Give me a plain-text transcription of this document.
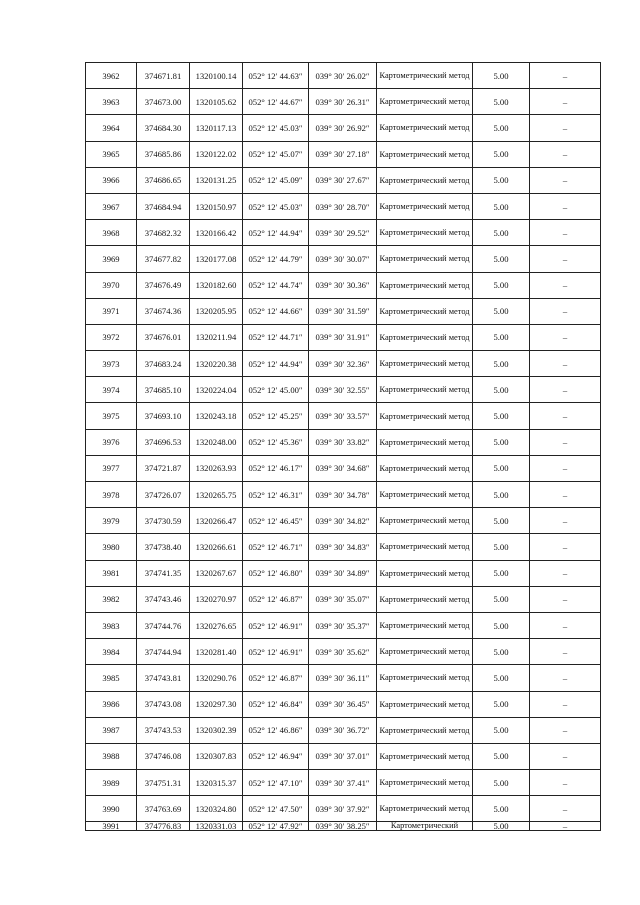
3962	374671.81	1320100.14	052° 12′ 44.63″	039° 30′ 26.02″	Картометрический метод	5.00	–
3963	374673.00	1320105.62	052° 12′ 44.67″	039° 30′ 26.31″	Картометрический метод	5.00	–
3964	374684.30	1320117.13	052° 12′ 45.03″	039° 30′ 26.92″	Картометрический метод	5.00	–
3965	374685.86	1320122.02	052° 12′ 45.07″	039° 30′ 27.18″	Картометрический метод	5.00	–
3966	374686.65	1320131.25	052° 12′ 45.09″	039° 30′ 27.67″	Картометрический метод	5.00	–
3967	374684.94	1320150.97	052° 12′ 45.03″	039° 30′ 28.70″	Картометрический метод	5.00	–
3968	374682.32	1320166.42	052° 12′ 44.94″	039° 30′ 29.52″	Картометрический метод	5.00	–
3969	374677.82	1320177.08	052° 12′ 44.79″	039° 30′ 30.07″	Картометрический метод	5.00	–
3970	374676.49	1320182.60	052° 12′ 44.74″	039° 30′ 30.36″	Картометрический метод	5.00	–
3971	374674.36	1320205.95	052° 12′ 44.66″	039° 30′ 31.59″	Картометрический метод	5.00	–
3972	374676.01	1320211.94	052° 12′ 44.71″	039° 30′ 31.91″	Картометрический метод	5.00	–
3973	374683.24	1320220.38	052° 12′ 44.94″	039° 30′ 32.36″	Картометрический метод	5.00	–
3974	374685.10	1320224.04	052° 12′ 45.00″	039° 30′ 32.55″	Картометрический метод	5.00	–
3975	374693.10	1320243.18	052° 12′ 45.25″	039° 30′ 33.57″	Картометрический метод	5.00	–
3976	374696.53	1320248.00	052° 12′ 45.36″	039° 30′ 33.82″	Картометрический метод	5.00	–
3977	374721.87	1320263.93	052° 12′ 46.17″	039° 30′ 34.68″	Картометрический метод	5.00	–
3978	374726.07	1320265.75	052° 12′ 46.31″	039° 30′ 34.78″	Картометрический метод	5.00	–
3979	374730.59	1320266.47	052° 12′ 46.45″	039° 30′ 34.82″	Картометрический метод	5.00	–
3980	374738.40	1320266.61	052° 12′ 46.71″	039° 30′ 34.83″	Картометрический метод	5.00	–
3981	374741.35	1320267.67	052° 12′ 46.80″	039° 30′ 34.89″	Картометрический метод	5.00	–
3982	374743.46	1320270.97	052° 12′ 46.87″	039° 30′ 35.07″	Картометрический метод	5.00	–
3983	374744.76	1320276.65	052° 12′ 46.91″	039° 30′ 35.37″	Картометрический метод	5.00	–
3984	374744.94	1320281.40	052° 12′ 46.91″	039° 30′ 35.62″	Картометрический метод	5.00	–
3985	374743.81	1320290.76	052° 12′ 46.87″	039° 30′ 36.11″	Картометрический метод	5.00	–
3986	374743.08	1320297.30	052° 12′ 46.84″	039° 30′ 36.45″	Картометрический метод	5.00	–
3987	374743.53	1320302.39	052° 12′ 46.86″	039° 30′ 36.72″	Картометрический метод	5.00	–
3988	374746.08	1320307.83	052° 12′ 46.94″	039° 30′ 37.01″	Картометрический метод	5.00	–
3989	374751.31	1320315.37	052° 12′ 47.10″	039° 30′ 37.41″	Картометрический метод	5.00	–
3990	374763.69	1320324.80	052° 12′ 47.50″	039° 30′ 37.92″	Картометрический метод	5.00	–
3991	374776.83	1320331.03	052° 12′ 47.92″	039° 30′ 38.25″	Картометрический	5.00	–
